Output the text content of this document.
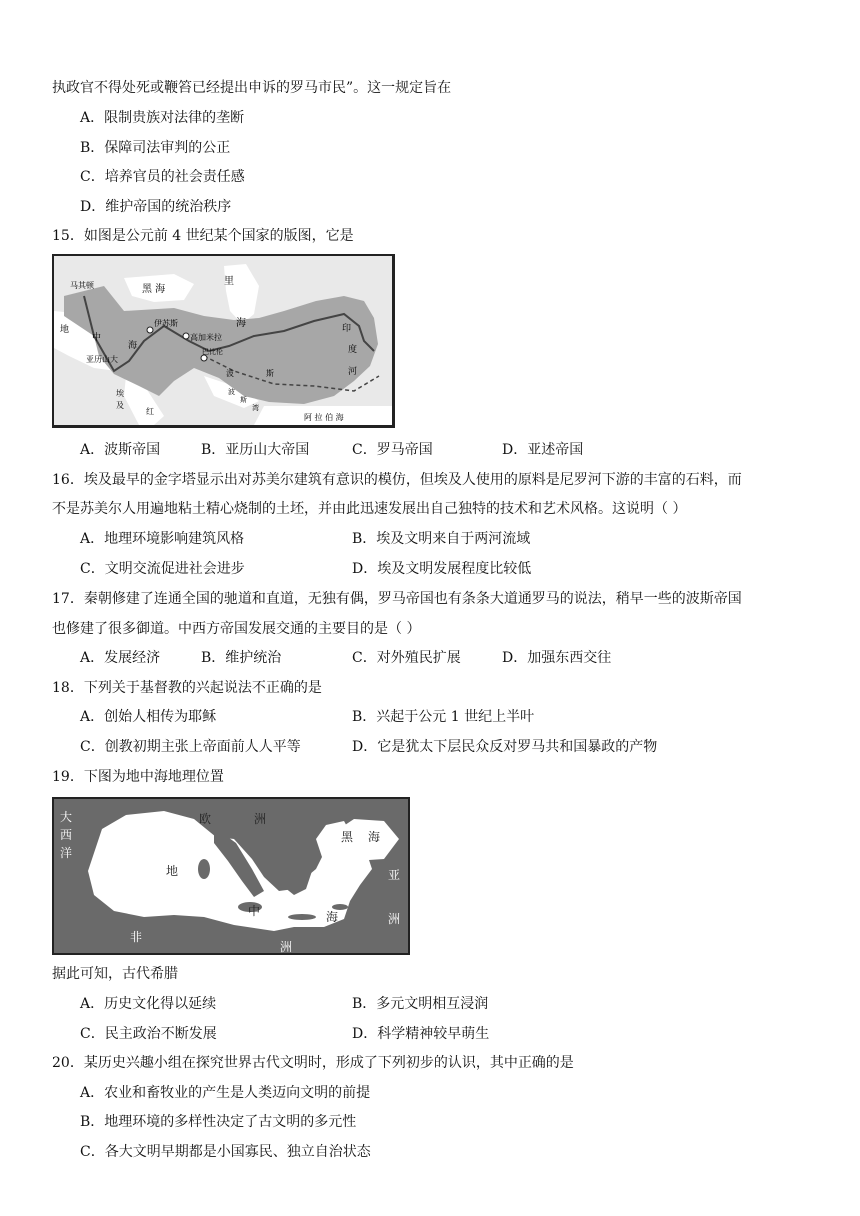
执政官不得处死或鞭笞已经提出申诉的罗马市民”。这一规定旨在
A．限制贵族对法律的垄断
B．保障司法审判的公正
C．培养官员的社会责任感
D．维护帝国的统治秩序
15．如图是公元前 4 世纪某个国家的版图，它是
马其顿	黑 海
里
海
中
海
地
亚历山大
伊苏斯
高加米拉
巴比伦
波	斯
印
度
河
埃
及
红
阿 拉 伯 海
波
斯
湾
A．波斯帝国	B．亚历山大帝国	C．罗马帝国	D．亚述帝国
16．埃及最早的金字塔显示出对苏美尔建筑有意识的模仿，但埃及人使用的原料是尼罗河下游的丰富的石料，而
不是苏美尔人用遍地粘土精心烧制的土坯，并由此迅速发展出自己独特的技术和艺术风格。这说明（ ）
A．地理环境影响建筑风格	B．埃及文明来自于两河流域
C．文明交流促进社会进步	D．埃及文明发展程度比较低
17．秦朝修建了连通全国的驰道和直道，无独有偶，罗马帝国也有条条大道通罗马的说法，稍早一些的波斯帝国
也修建了很多御道。中西方帝国发展交通的主要目的是（ ）
A．发展经济	B．维护统治	C．对外殖民扩展	D．加强东西交往
18．下列关于基督教的兴起说法不正确的是
A．创始人相传为耶稣	B．兴起于公元 1 世纪上半叶
C．创教初期主张上帝面前人人平等	D．它是犹太下层民众反对罗马共和国暴政的产物
19．下图为地中海地理位置
大
西
洋
欧	洲
黑 海
亚
洲
地
中	海
非
洲
据此可知，古代希腊
A．历史文化得以延续	B．多元文明相互浸润
C．民主政治不断发展	D．科学精神较早萌生
20．某历史兴趣小组在探究世界古代文明时，形成了下列初步的认识，其中正确的是
A．农业和畜牧业的产生是人类迈向文明的前提
B．地理环境的多样性决定了古文明的多元性
C．各大文明早期都是小国寡民、独立自治状态
